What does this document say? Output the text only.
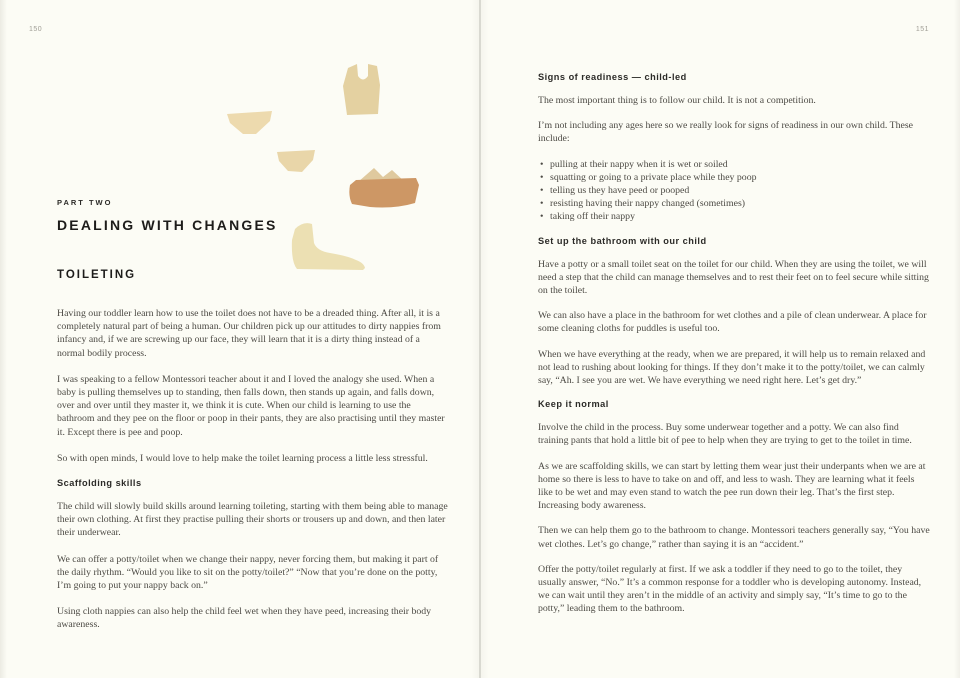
150	151
PART TWO
DEALING WITH CHANGES
TOILETING

Having our toddler learn how to use the toilet does not have to be a dreaded thing. After all, it is a completely natural part of being a human. Our children pick up our attitudes to dirty nappies from infancy and, if we are screwing up our face, they will learn that it is a dirty thing instead of a normal bodily process.

I was speaking to a fellow Montessori teacher about it and I loved the analogy she used. When a baby is pulling themselves up to standing, then falls down, then stands up again, and falls down, over and over until they master it, we think it is cute. When our child is learning to use the bathroom and they pee on the floor or poop in their pants, they are also practising until they master it. Except there is pee and poop.

So with open minds, I would love to help make the toilet learning process a little less stressful.

Scaffolding skills

The child will slowly build skills around learning toileting, starting with them being able to manage their own clothing. At first they practise pulling their shorts or trousers up and down, and then later their underwear.

We can offer a potty/toilet when we change their nappy, never forcing them, but making it part of the daily rhythm. “Would you like to sit on the potty/toilet?” “Now that you’re done on the potty, I’m going to put your nappy back on.”

Using cloth nappies can also help the child feel wet when they have peed, increasing their body awareness.

Signs of readiness — child-led

The most important thing is to follow our child. It is not a competition.

I’m not including any ages here so we really look for signs of readiness in our own child. These include:

• pulling at their nappy when it is wet or soiled
• squatting or going to a private place while they poop
• telling us they have peed or pooped
• resisting having their nappy changed (sometimes)
• taking off their nappy
Set up the bathroom with our child

Have a potty or a small toilet seat on the toilet for our child. When they are using the toilet, we will need a step that the child can manage themselves and to rest their feet on to feel secure while sitting on the toilet.

We can also have a place in the bathroom for wet clothes and a pile of clean underwear. A place for some cleaning cloths for puddles is useful too.

When we have everything at the ready, when we are prepared, it will help us to remain relaxed and not lead to rushing about looking for things. If they don’t make it to the potty/toilet, we can calmly say, “Ah. I see you are wet. We have everything we need right here. Let’s get dry.”

Keep it normal

Involve the child in the process. Buy some underwear together and a potty. We can also find training pants that hold a little bit of pee to help when they are trying to get to the toilet in time.

As we are scaffolding skills, we can start by letting them wear just their underpants when we are at home so there is less to have to take on and off, and less to wash. They are learning what it feels like to be wet and may even stand to watch the pee run down their leg. That’s the first step. Increasing body awareness.

Then we can help them go to the bathroom to change. Montessori teachers generally say, “You have wet clothes. Let’s go change,” rather than saying it is an “accident.”

Offer the potty/toilet regularly at first. If we ask a toddler if they need to go to the toilet, they usually answer, “No.” It’s a common response for a toddler who is developing autonomy. Instead, we can wait until they aren’t in the middle of an activity and simply say, “It’s time to go to the potty,” leading them to the bathroom.
